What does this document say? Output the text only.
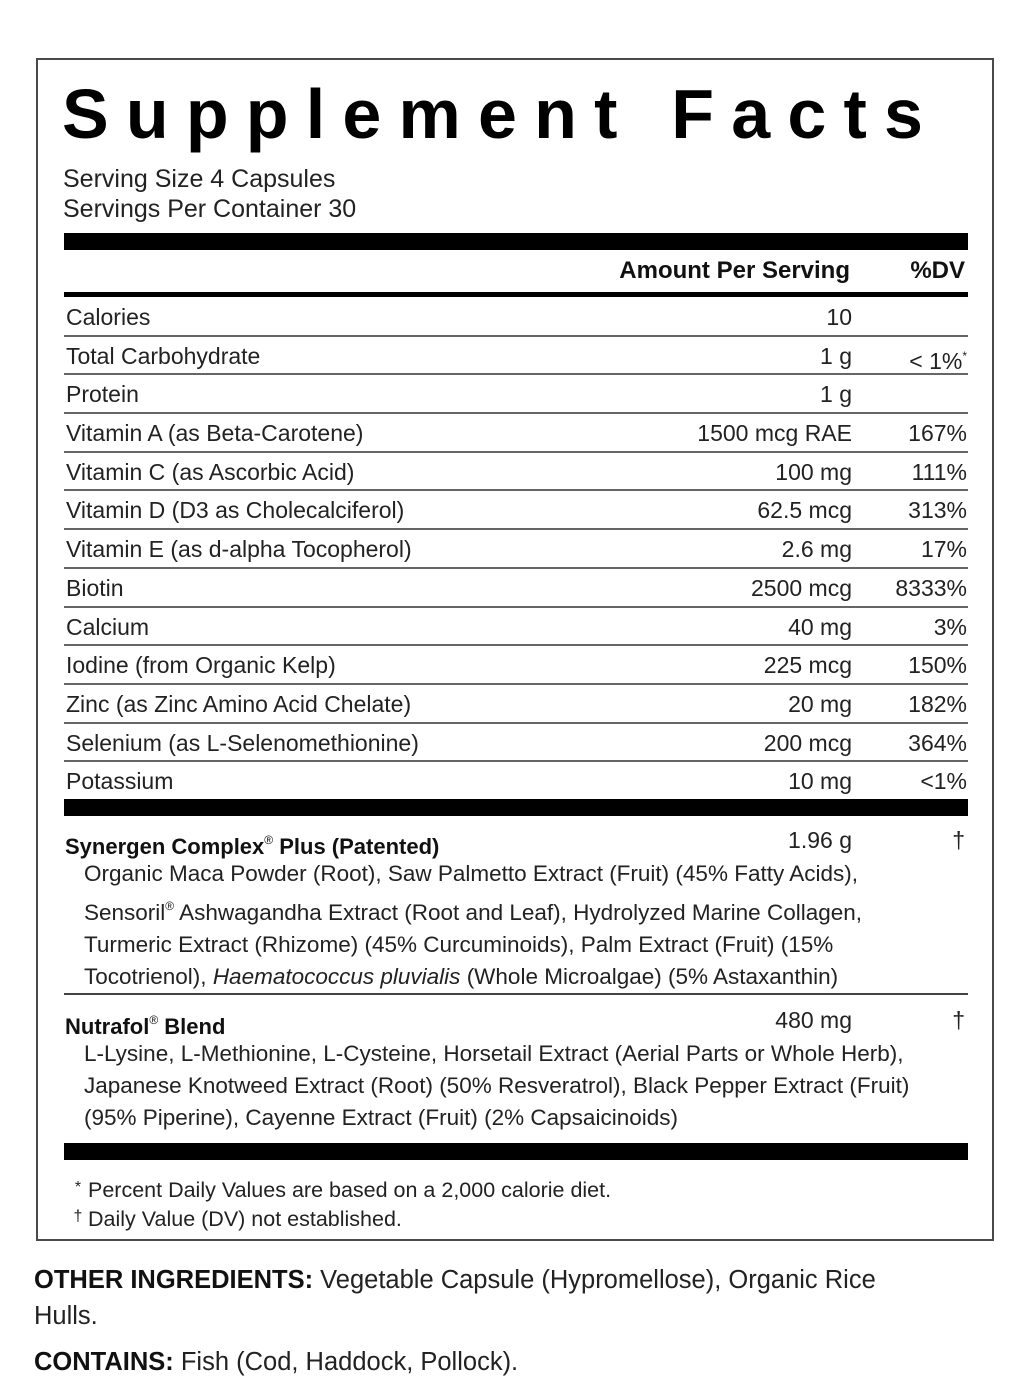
Supplement Facts
Serving Size 4 Capsules
Servings Per Container 30
Amount Per Serving	%DV
Calories	10
Total Carbohydrate	1 g < 1%*
Protein	1 g
Vitamin A (as Beta-Carotene)	1500 mcg RAE 167%
Vitamin C (as Ascorbic Acid)	100 mg	111%
Vitamin D (D3 as Cholecalciferol)	62.5 mcg 313%
Vitamin E (as d-alpha Tocopherol)	2.6 mg	17%
Biotin	2500 mcg 8333%
Calcium	40 mg	3%
Iodine (from Organic Kelp)	225 mcg 150%
Zinc (as Zinc Amino Acid Chelate)	20 mg 182%
Selenium (as L-Selenomethionine)	200 mcg 364%
Potassium	10 mg	<1%
Synergen Complex® Plus (Patented)	1.96 g	†
Organic Maca Powder (Root), Saw Palmetto Extract (Fruit) (45% Fatty Acids), Sensoril® Ashwagandha Extract (Root and Leaf), Hydrolyzed Marine Collagen, Turmeric Extract (Rhizome) (45% Curcuminoids), Palm Extract (Fruit) (15% Tocotrienol), Haematococcus pluvialis (Whole Microalgae) (5% Astaxanthin)
Nutrafol® Blend	480 mg	†
L-Lysine, L-Methionine, L-Cysteine, Horsetail Extract (Aerial Parts or Whole Herb), Japanese Knotweed Extract (Root) (50% Resveratrol), Black Pepper Extract (Fruit) (95% Piperine), Cayenne Extract (Fruit) (2% Capsaicinoids)
* Percent Daily Values are based on a 2,000 calorie diet.
† Daily Value (DV) not established.
OTHER INGREDIENTS: Vegetable Capsule (Hypromellose), Organic Rice Hulls.
CONTAINS: Fish (Cod, Haddock, Pollock).
